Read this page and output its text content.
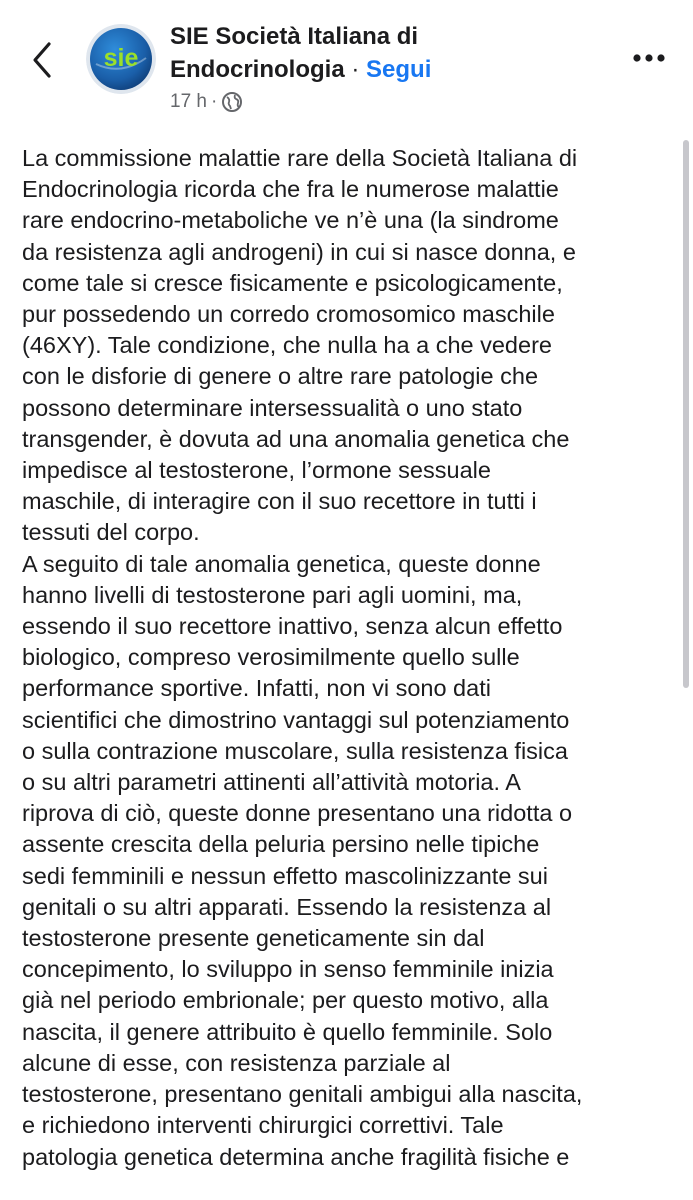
sie

SIE Società Italiana di Endocrinologia · Segui

17 h ·

La commissione malattie rare della Società Italiana di
Endocrinologia ricorda che fra le numerose malattie
rare endocrino-metaboliche ve n’è una (la sindrome
da resistenza agli androgeni) in cui si nasce donna, e
come tale si cresce fisicamente e psicologicamente,
pur possedendo un corredo cromosomico maschile
(46XY). Tale condizione, che nulla ha a che vedere
con le disforie di genere o altre rare patologie che
possono determinare intersessualità o uno stato
transgender, è dovuta ad una anomalia genetica che
impedisce al testosterone, l’ormone sessuale
maschile, di interagire con il suo recettore in tutti i
tessuti del corpo.
A seguito di tale anomalia genetica, queste donne
hanno livelli di testosterone pari agli uomini, ma,
essendo il suo recettore inattivo, senza alcun effetto
biologico, compreso verosimilmente quello sulle
performance sportive. Infatti, non vi sono dati
scientifici che dimostrino vantaggi sul potenziamento
o sulla contrazione muscolare, sulla resistenza fisica
o su altri parametri attinenti all’attività motoria. A
riprova di ciò, queste donne presentano una ridotta o
assente crescita della peluria persino nelle tipiche
sedi femminili e nessun effetto mascolinizzante sui
genitali o su altri apparati. Essendo la resistenza al
testosterone presente geneticamente sin dal
concepimento, lo sviluppo in senso femminile inizia
già nel periodo embrionale; per questo motivo, alla
nascita, il genere attribuito è quello femminile. Solo
alcune di esse, con resistenza parziale al
testosterone, presentano genitali ambigui alla nascita,
e richiedono interventi chirurgici correttivi. Tale
patologia genetica determina anche fragilità fisiche e
